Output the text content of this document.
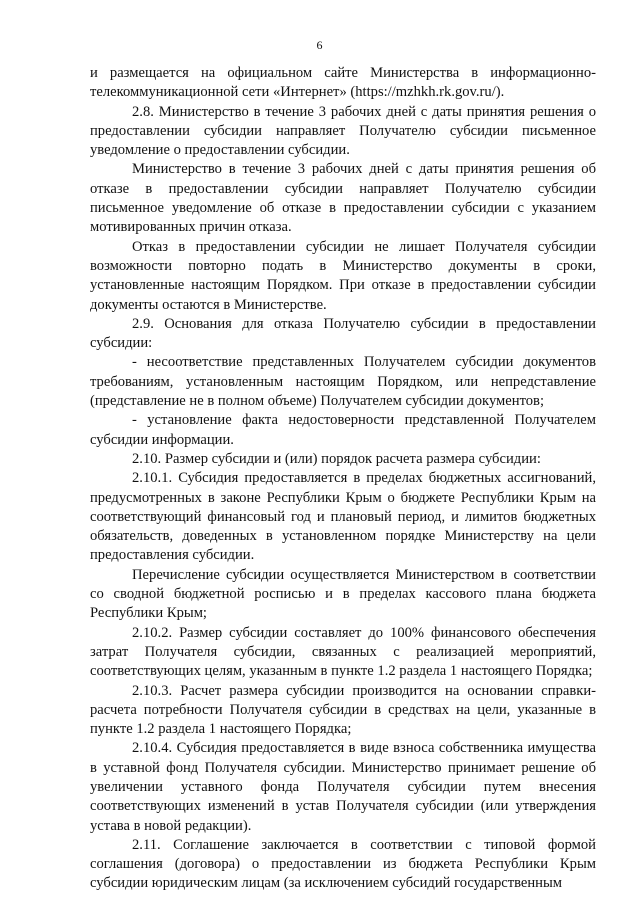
6

и размещается на официальном сайте Министерства в информационно-телекоммуникационной сети «Интернет» (https://mzhkh.rk.gov.ru/).

2.8. Министерство в течение 3 рабочих дней с даты принятия решения о предоставлении субсидии направляет Получателю субсидии письменное уведомление о предоставлении субсидии.

Министерство в течение 3 рабочих дней с даты принятия решения об отказе в предоставлении субсидии направляет Получателю субсидии письменное уведомление об отказе в предоставлении субсидии с указанием мотивированных причин отказа.

Отказ в предоставлении субсидии не лишает Получателя субсидии возможности повторно подать в Министерство документы в сроки, установленные настоящим Порядком. При отказе в предоставлении субсидии документы остаются в Министерстве.

2.9. Основания для отказа Получателю субсидии в предоставлении субсидии:

- несоответствие представленных Получателем субсидии документов требованиям, установленным настоящим Порядком, или непредставление (представление не в полном объеме) Получателем субсидии документов;

- установление факта недостоверности представленной Получателем субсидии информации.

2.10. Размер субсидии и (или) порядок расчета размера субсидии:

2.10.1. Субсидия предоставляется в пределах бюджетных ассигнований, предусмотренных в законе Республики Крым о бюджете Республики Крым на соответствующий финансовый год и плановый период, и лимитов бюджетных обязательств, доведенных в установленном порядке Министерству на цели предоставления субсидии.

Перечисление субсидии осуществляется Министерством в соответствии со сводной бюджетной росписью и в пределах кассового плана бюджета Республики Крым;

2.10.2. Размер субсидии составляет до 100% финансового обеспечения затрат Получателя субсидии, связанных с реализацией мероприятий, соответствующих целям, указанным в пункте 1.2 раздела 1 настоящего Порядка;

2.10.3. Расчет размера субсидии производится на основании справки-расчета потребности Получателя субсидии в средствах на цели, указанные в пункте 1.2 раздела 1 настоящего Порядка;

2.10.4. Субсидия предоставляется в виде взноса собственника имущества в уставной фонд Получателя субсидии. Министерство принимает решение об увеличении уставного фонда Получателя субсидии путем внесения соответствующих изменений в устав Получателя субсидии (или утверждения устава в новой редакции).

2.11. Соглашение заключается в соответствии с типовой формой соглашения (договора) о предоставлении из бюджета Республики Крым субсидии юридическим лицам (за исключением субсидий государственным
